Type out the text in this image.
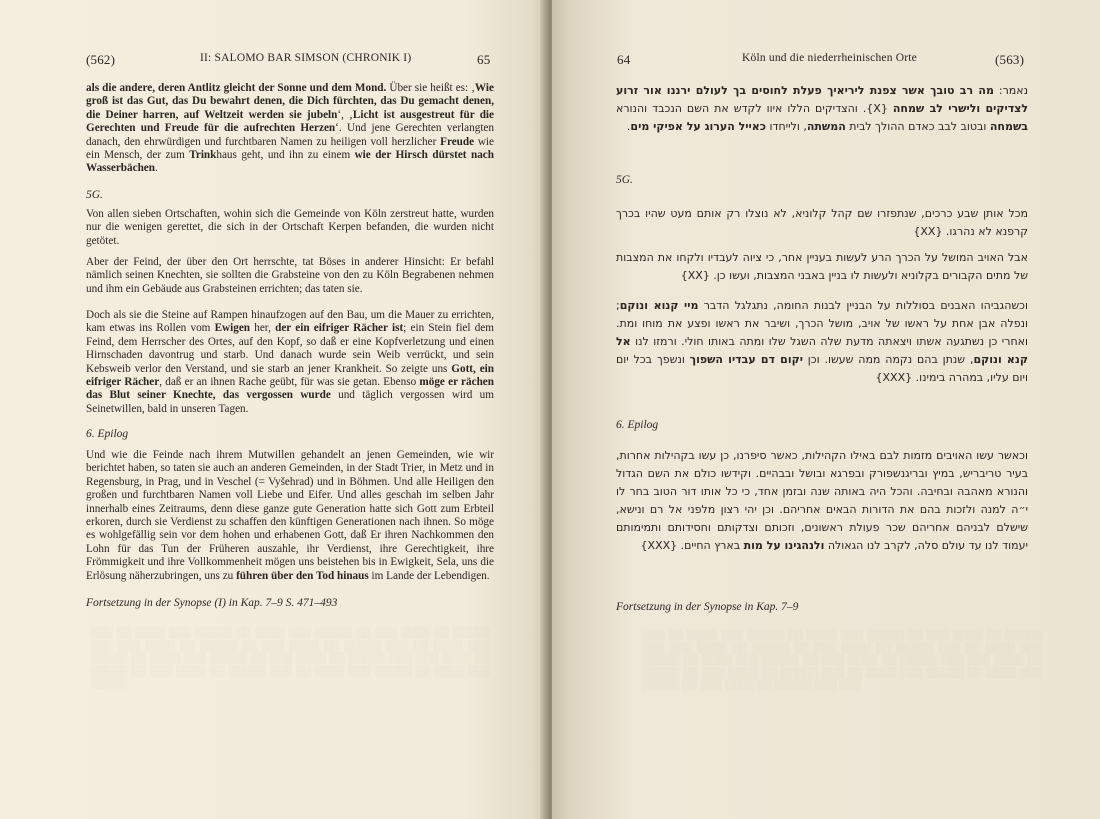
(562)	II: SALOMO BAR SIMSON (CHRONIK I)	65

als die andere, deren Antlitz gleicht der Sonne und dem Mond. Über sie heißt es: ‚Wie groß ist das Gut, das Du bewahrt denen, die Dich fürchten, das Du gemacht denen, die Deiner harren, auf Weltzeit werden sie jubeln‘, ‚Licht ist ausgestreut für die Gerechten und Freude für die aufrechten Herzen‘. Und jene Gerechten verlangten danach, den ehrwürdigen und furchtbaren Namen zu heiligen voll herzlicher Freude wie ein Mensch, der zum Trinkhaus geht, und ihn zu einem wie der Hirsch dürstet nach Wasserbächen.

5G.

Von allen sieben Ortschaften, wohin sich die Gemeinde von Köln zerstreut hatte, wurden nur die wenigen gerettet, die sich in der Ortschaft Kerpen befanden, die wurden nicht getötet.

Aber der Feind, der über den Ort herrschte, tat Böses in anderer Hinsicht: Er befahl nämlich seinen Knechten, sie sollten die Grabsteine von den zu Köln Begrabenen nehmen und ihm ein Gebäude aus Grabsteinen errichten; das taten sie.

Doch als sie die Steine auf Rampen hinaufzogen auf den Bau, um die Mauer zu errichten, kam etwas ins Rollen vom Ewigen her, der ein eifriger Rächer ist; ein Stein fiel dem Feind, dem Herrscher des Ortes, auf den Kopf, so daß er eine Kopfverletzung und einen Hirnschaden davontrug und starb. Und danach wurde sein Weib verrückt, und sein Kebsweib verlor den Verstand, und sie starb an jener Krankheit. So zeigte uns Gott, ein eifriger Rächer, daß er an ihnen Rache geübt, für was sie getan. Ebenso möge er rächen das Blut seiner Knechte, das vergossen wurde und täglich vergossen wird um Seinetwillen, bald in unseren Tagen.

6. Epilog

Und wie die Feinde nach ihrem Mutwillen gehandelt an jenen Gemeinden, wie wir berichtet haben, so taten sie auch an anderen Gemeinden, in der Stadt Trier, in Metz und in Regensburg, in Prag, und in Veschel (= Vyšehrad) und in Böhmen. Und alle Heiligen den großen und furchtbaren Namen voll Liebe und Eifer. Und alles geschah im selben Jahr innerhalb eines Zeitraums, denn diese ganze gute Generation hatte sich Gott zum Erbteil erkoren, durch sie Verdienst zu schaffen den künftigen Generationen nach ihnen. So möge es wohlgefällig sein vor dem hohen und erhabenen Gott, daß Er ihren Nachkommen den Lohn für das Tun der Früheren auszahle, ihr Verdienst, ihre Gerechtigkeit, ihre Frömmigkeit und ihre Vollkommenheit mögen uns beistehen bis in Ewigkeit, Sela, uns die Erlösung näherzubringen, uns zu führen über den Tod hinaus im Lande der Lebendigen.

Fortsetzung in der Synopse (I) in Kap. 7–9 S. 471–493
░░░ ░░ ░░░░ ░░░ ░░░░░ ░░ ░░░░ ░░░ ░░░░░ ░░ ░░░ ░░░░ ░░ ░░░░░ ░░░ ░░░ ░░░░ ░░ ░░░░░ ░░ ░░░ ░░░░ ░░ ░░░░░ ░░░ ░░ ░░░░ ░░░ ░░░░░ ░░ ░░░░ ░░░ ░░░░░ ░░ ░░░ ░░░░ ░░ ░░░░░ ░░░ ░░░ ░░░░ ░░ ░░░░░ ░░ ░░░ ░░░░ ░░ ░░░░░ ░░░ ░░ ░░░░ ░░░ ░░░░░ ░░ ░░░░ ░░░ ░░░░░
64	Köln und die niederrheinischen Orte	(563)

נאמר: מה רב טובך אשר צפנת ליריאיך פעלת לחוסים בך לעולם ירננו אור זרוע לצדיקים ולישרי לב שמחה {X}. והצדיקים הללו איוו לקדש את השם הנכבד והנורא בשמחה ובטוב לבב כאדם ההולך לבית המשתה, ולייחדו כאייל הערוג על אפיקי מים.

5G.

מכל אותן שבע כרכים, שנתפזרו שם קהל קלוניא, לא נוצלו רק אותם מעט שהיו בכרך קרפנא לא נהרגו. {XX}

אבל האויב המושל על הכרך הרע לעשות בעניין אחר, כי ציוה לעבדיו ולקחו את המצבות של מתים הקבורים בקלוניא ולעשות לו בניין באבני המצבות, ועשו כן. {XX}

וכשהגביהו האבנים בסוללות על הבניין לבנות החומה, נתגלגל הדבר מיי קנוא ונוקם; ונפלה אבן אחת על ראשו של אויב, מושל הכרך, ושיבר את ראשו ופצע את מוחו ומת. ואחרי כן נשתגעה אשתו ויצאתה מדעת שלה השגל שלו ומתה באותו חולי. ורמזו לנו אל קנא ונוקם, שנתן בהם נקמה ממה שעשו. וכן יקום דם עבדיו השפוך ונשפך בכל יום ויום עליו, במהרה בימינו. {XXX}

6. Epilog

וכאשר עשו האויבים מזמות לבם באילו הקהילות, כאשר סיפרנו, כן עשו בקהילות אחרות, בעיר טריבריש, במיץ ובריגנשפורק ובפרגא ובושל ובבהיים. וקידשו כולם את השם הגדול והנורא מאהבה ובחיבה. והכל היה באותה שנה ובזמן אחד, כי כל אותו דור הטוב בחר לו י״ה למנה ולזכות בהם את הדורות הבאים אחריהם. וכן יהי רצון מלפני אל רם ונישא, שישלם לבניהם אחריהם שכר פעולת ראשונים, וזכותם וצדקותם וחסידותם ותמימותם יעמוד לנו עד עולם סלה, לקרב לנו הגאולה ולנהגינו על מות בארץ החיים. {XXX}

Fortsetzung in der Synopse in Kap. 7–9
░░░ ░░ ░░░░ ░░░ ░░░░░ ░░ ░░░░ ░░░ ░░░░░ ░░ ░░░ ░░░░ ░░ ░░░░░ ░░░ ░░░ ░░░░ ░░ ░░░░░ ░░ ░░░ ░░░░ ░░ ░░░░░ ░░░ ░░ ░░░░ ░░░ ░░░░░ ░░ ░░░░ ░░░ ░░░░░ ░░ ░░░ ░░░░ ░░ ░░░░░ ░░░ ░░░ ░░░░ ░░ ░░░░░ ░░ ░░░ ░░░░ ░░ ░░░░░ ░░░ ░░ ░░░░ ░░░ ░░░░░ ░░ ░░░░ ░░░ ░░░░░ ░░ ░░░ ░░░░ ░░ ░░░░░ ░░░ ░░░
